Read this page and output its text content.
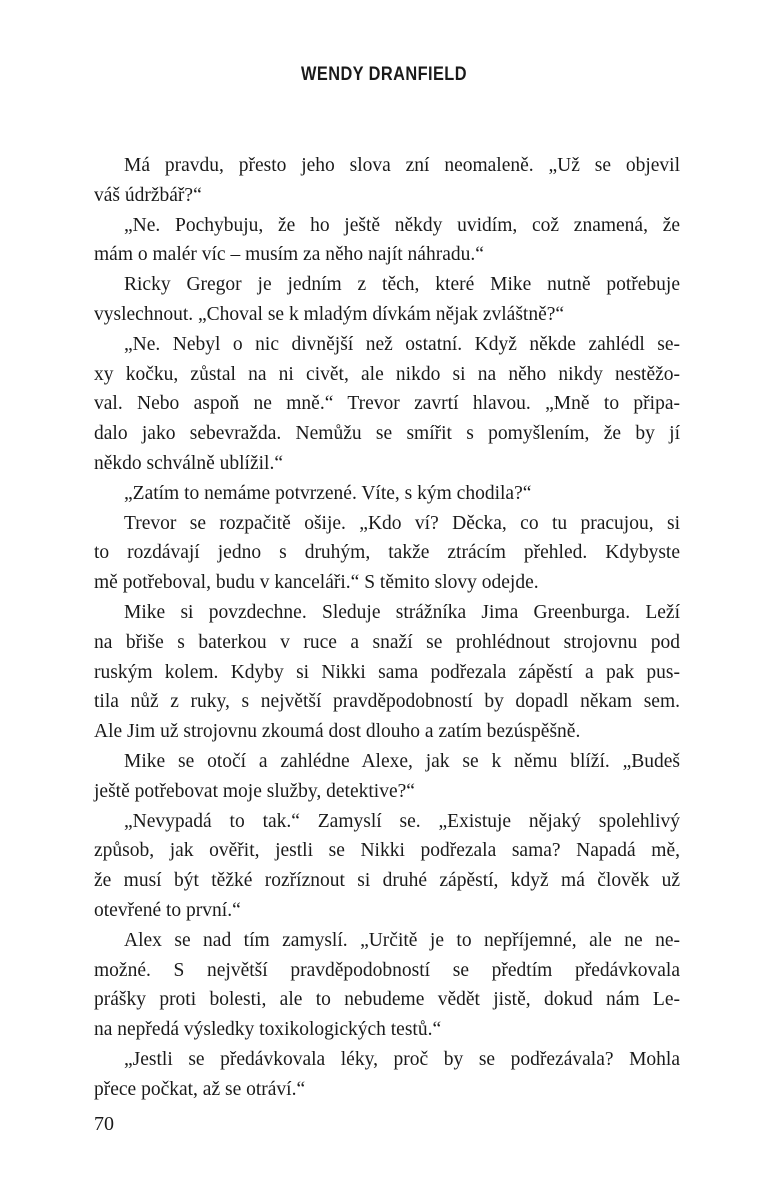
WENDY DRANFIELD
Má pravdu, přesto jeho slova zní neomaleně. „Už se objevil
váš údržbář?“
„Ne. Pochybuju, že ho ještě někdy uvidím, což znamená, že
mám o malér víc – musím za něho najít náhradu.“
Ricky Gregor je jedním z těch, které Mike nutně potřebuje
vyslechnout. „Choval se k mladým dívkám nějak zvláštně?“
„Ne. Nebyl o nic divnější než ostatní. Když někde zahlédl se-
xy kočku, zůstal na ni civět, ale nikdo si na něho nikdy nestěžo-
val. Nebo aspoň ne mně.“ Trevor zavrtí hlavou. „Mně to připa-
dalo jako sebevražda. Nemůžu se smířit s pomyšlením, že by jí
někdo schválně ublížil.“
„Zatím to nemáme potvrzené. Víte, s kým chodila?“
Trevor se rozpačitě ošije. „Kdo ví? Děcka, co tu pracujou, si
to rozdávají jedno s druhým, takže ztrácím přehled. Kdybyste
mě potřeboval, budu v kanceláři.“ S těmito slovy odejde.
Mike si povzdechne. Sleduje strážníka Jima Greenburga. Leží
na břiše s baterkou v ruce a snaží se prohlédnout strojovnu pod
ruským kolem. Kdyby si Nikki sama podřezala zápěstí a pak pus-
tila nůž z ruky, s největší pravděpodobností by dopadl někam sem.
Ale Jim už strojovnu zkoumá dost dlouho a zatím bezúspěšně.
Mike se otočí a zahlédne Alexe, jak se k němu blíží. „Budeš
ještě potřebovat moje služby, detektive?“
„Nevypadá to tak.“ Zamyslí se. „Existuje nějaký spolehlivý
způsob, jak ověřit, jestli se Nikki podřezala sama? Napadá mě,
že musí být těžké rozříznout si druhé zápěstí, když má člověk už
otevřené to první.“
Alex se nad tím zamyslí. „Určitě je to nepříjemné, ale ne ne-
možné. S největší pravděpodobností se předtím předávkovala
prášky proti bolesti, ale to nebudeme vědět jistě, dokud nám Le-
na nepředá výsledky toxikologických testů.“
„Jestli se předávkovala léky, proč by se podřezávala? Mohla
přece počkat, až se otráví.“
70
